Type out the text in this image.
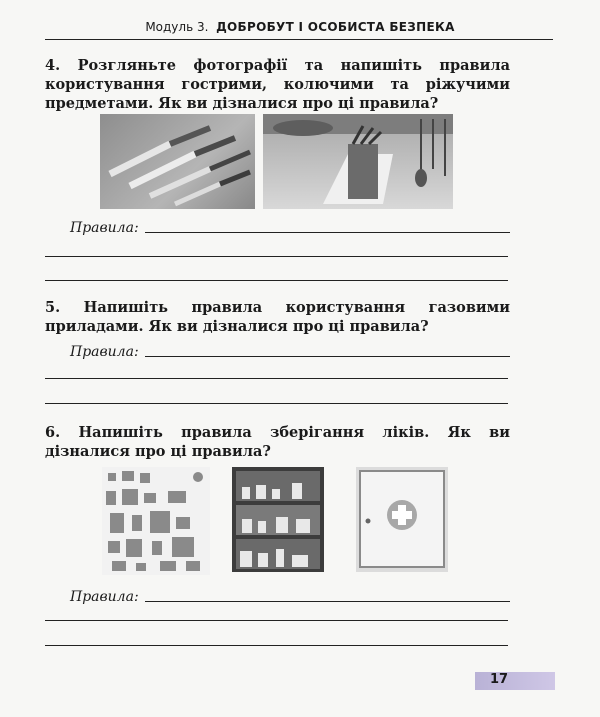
Модуль 3. ДОБРОБУТ І ОСОБИСТА БЕЗПЕКА
4. Розгляньте фотографії та напишіть правила користування гострими, колючими та ріжучими предметами. Як ви дізналися про ці правила?
Правила:
5. Напишіть правила користування газовими приладами. Як ви дізналися про ці правила?
Правила:
6. Напишіть правила зберігання ліків. Як ви дізналися про ці правила?
Правила:
17
